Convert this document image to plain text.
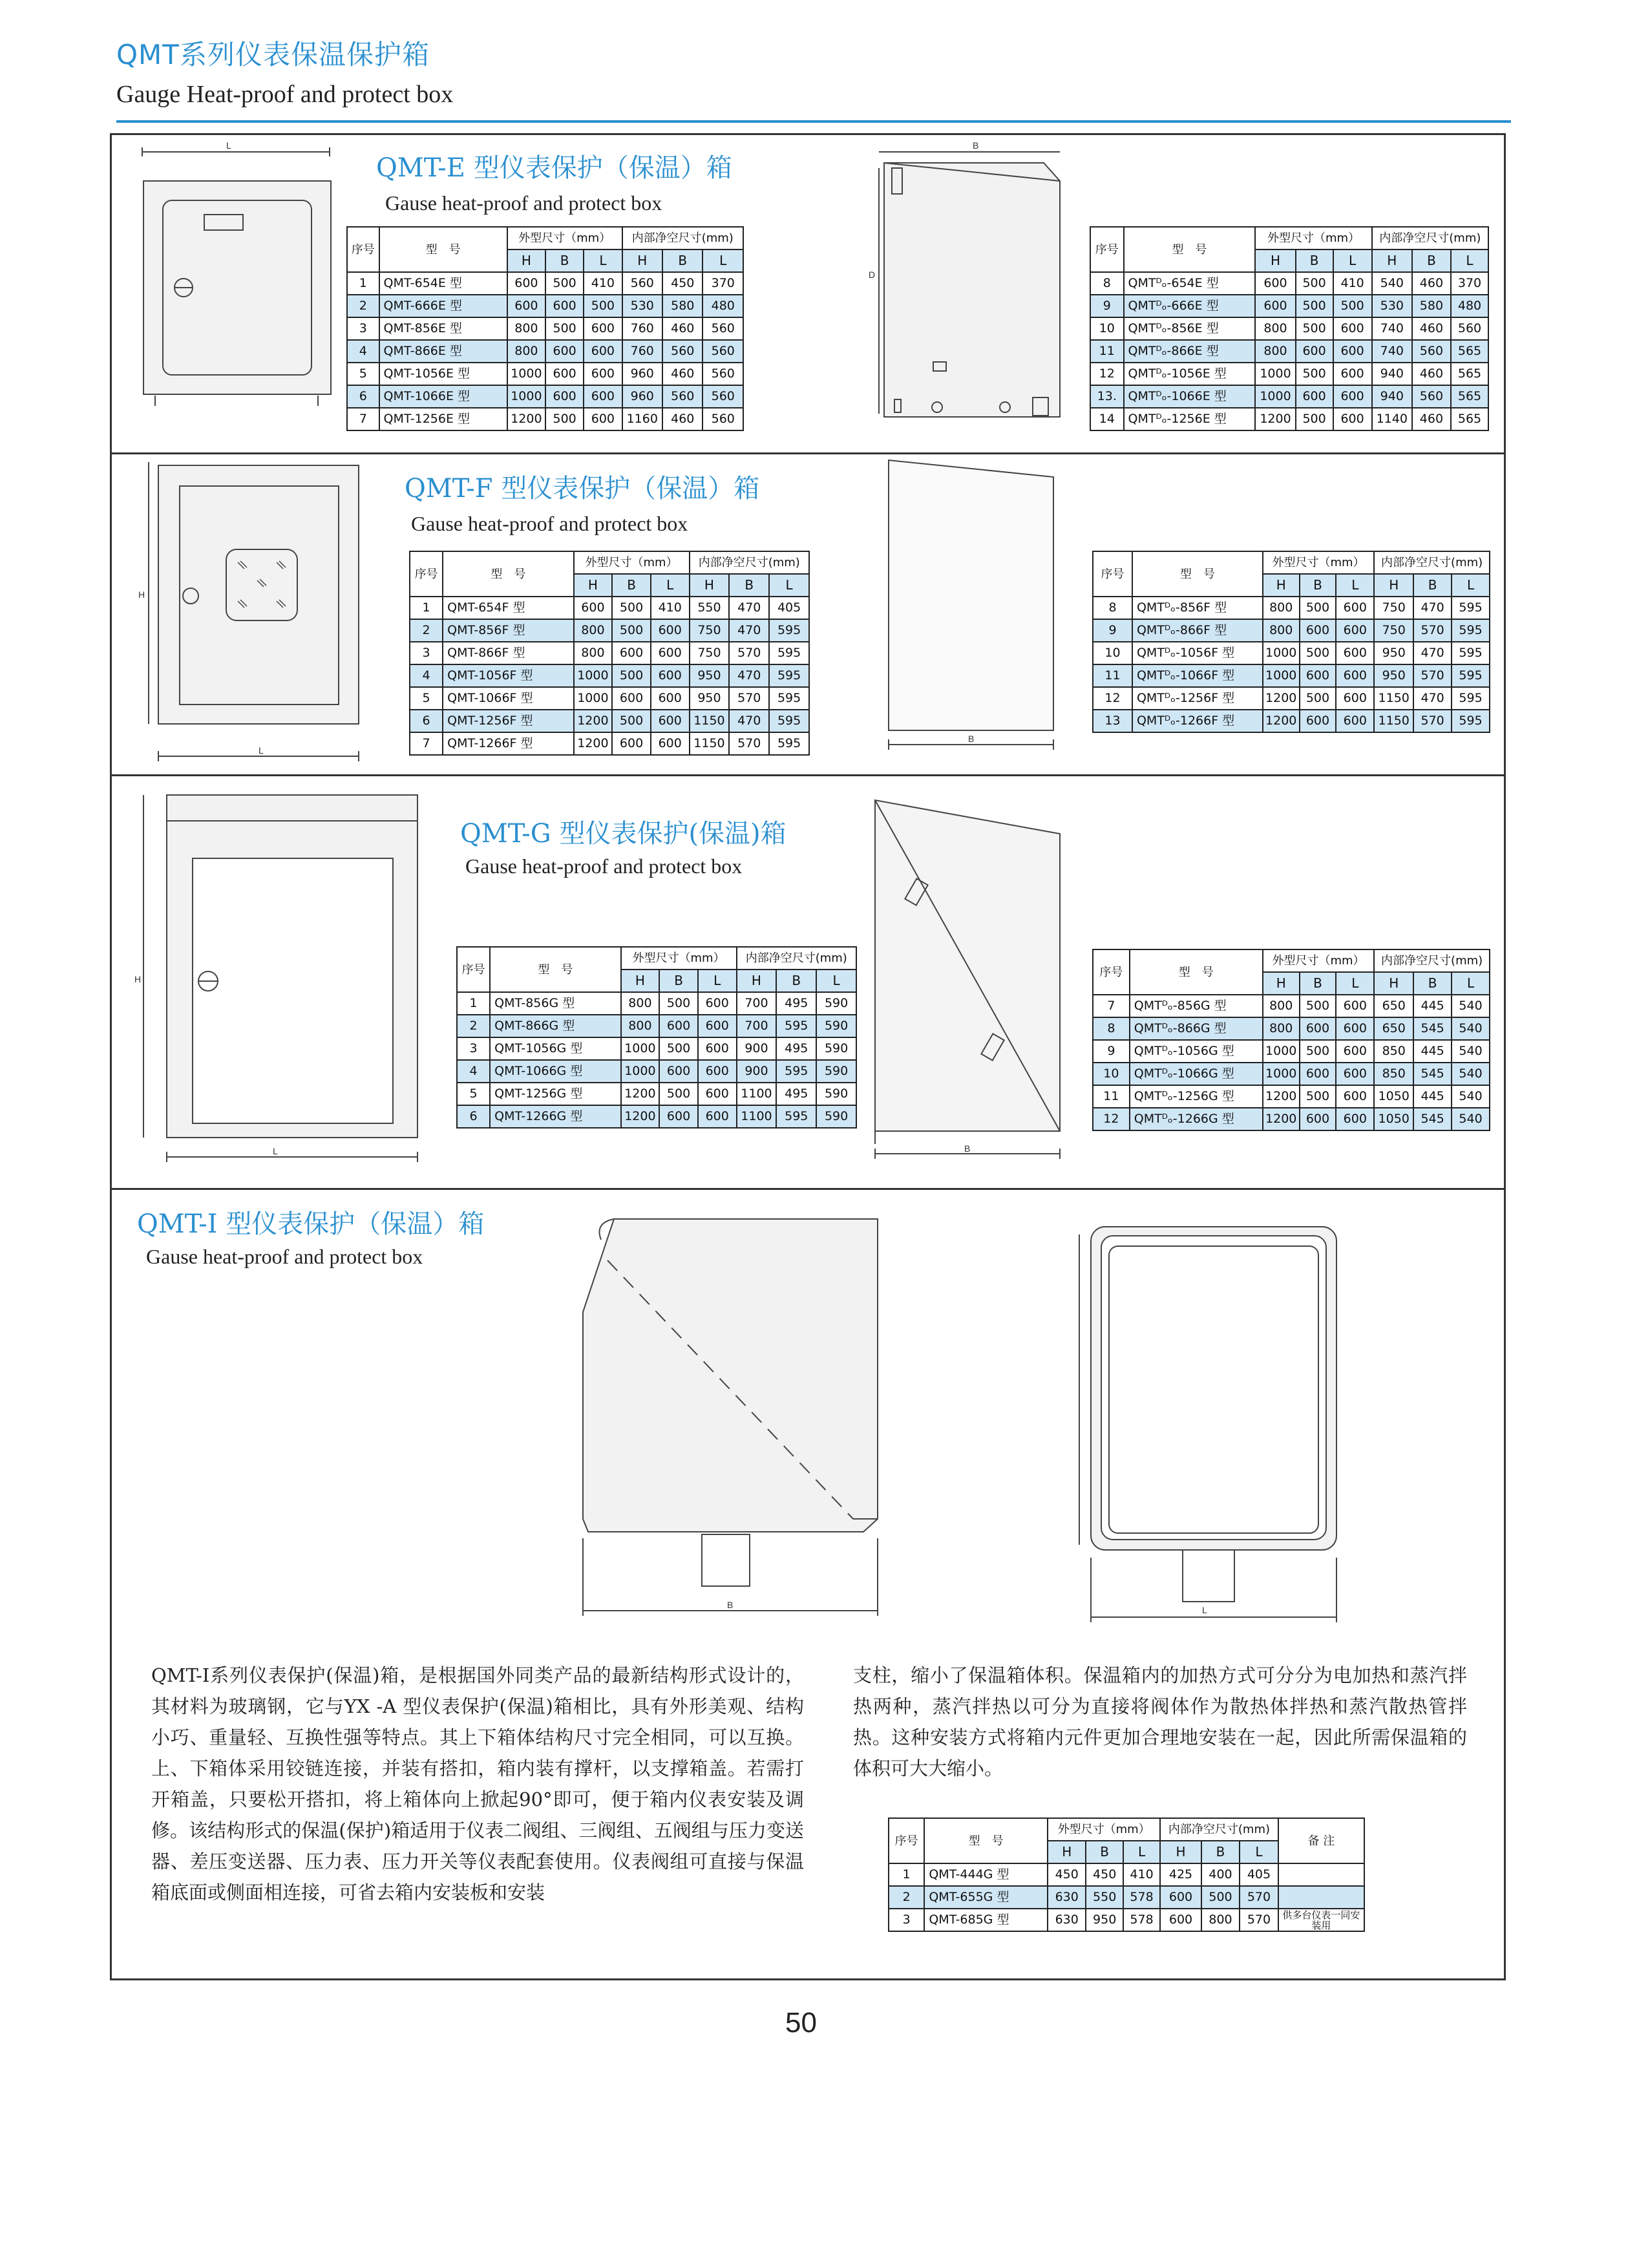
QMT系列仪表保温保护箱
Gauge Heat-proof and protect box
QMT-E 型仪表保护（保温）箱
Gause heat-proof and protect box
L	B
D
序号	型　号	外型尺寸（mm）			内部净空尺寸(mm)		
		H	B	L	H	B	L
1	QMT-654E 型	600	500	410	560	450	370
2	QMT-666E 型	600	600	500	530	580	480
3	QMT-856E 型	800	500	600	760	460	560
4	QMT-866E 型	800	600	600	760	560	560
5	QMT-1056E 型	1000	600	600	960	460	560
6	QMT-1066E 型	1000	600	600	960	560	560
7	QMT-1256E 型	1200	500	600	1160	460	560
序号	型　号	外型尺寸（mm）			内部净空尺寸(mm)		
		H	B	L	H	B	L
8	QMTᴰₒ-654E 型	600	500	410	540	460	370
9	QMTᴰₒ-666E 型	600	500	500	530	580	480
10	QMTᴰₒ-856E 型	800	500	600	740	460	560
11	QMTᴰₒ-866E 型	800	600	600	740	560	565
12	QMTᴰₒ-1056E 型	1000	500	600	940	460	565
13.	QMTᴰₒ-1066E 型	1000	600	600	940	560	565
14	QMTᴰₒ-1256E 型	1200	500	600	1140	460	565
QMT-F 型仪表保护（保温）箱
Gause heat-proof and protect box
H
L
B
序号	型　号	外型尺寸（mm）			内部净空尺寸(mm)		
		H	B	L	H	B	L
1	QMT-654F 型	600	500	410	550	470	405
2	QMT-856F 型	800	500	600	750	470	595
3	QMT-866F 型	800	600	600	750	570	595
4	QMT-1056F 型	1000	500	600	950	470	595
5	QMT-1066F 型	1000	600	600	950	570	595
6	QMT-1256F 型	1200	500	600	1150	470	595
7	QMT-1266F 型	1200	600	600	1150	570	595
序号	型　号	外型尺寸（mm）			内部净空尺寸(mm)		
		H	B	L	H	B	L
8	QMTᴰₒ-856F 型	800	500	600	750	470	595
9	QMTᴰₒ-866F 型	800	600	600	750	570	595
10	QMTᴰₒ-1056F 型	1000	500	600	950	470	595
11	QMTᴰₒ-1066F 型	1000	600	600	950	570	595
12	QMTᴰₒ-1256F 型	1200	500	600	1150	470	595
13	QMTᴰₒ-1266F 型	1200	600	600	1150	570	595
QMT-G 型仪表保护(保温)箱
Gause heat-proof and protect box
H
L	B
序号	型　号	外型尺寸（mm）			内部净空尺寸(mm)		
		H	B	L	H	B	L
1	QMT-856G 型	800	500	600	700	495	590
2	QMT-866G 型	800	600	600	700	595	590
3	QMT-1056G 型	1000	500	600	900	495	590
4	QMT-1066G 型	1000	600	600	900	595	590
5	QMT-1256G 型	1200	500	600	1100	495	590
6	QMT-1266G 型	1200	600	600	1100	595	590
序号	型　号	外型尺寸（mm）			内部净空尺寸(mm)		
		H	B	L	H	B	L
7	QMTᴰₒ-856G 型	800	500	600	650	445	540
8	QMTᴰₒ-866G 型	800	600	600	650	545	540
9	QMTᴰₒ-1056G 型	1000	500	600	850	445	540
10	QMTᴰₒ-1066G 型	1000	600	600	850	545	540
11	QMTᴰₒ-1256G 型	1200	500	600	1050	445	540
12	QMTᴰₒ-1266G 型	1200	600	600	1050	545	540
QMT-I 型仪表保护（保温）箱
Gause heat-proof and protect box
B	L
QMT-I系列仪表保护(保温)箱，是根据国外同类产品的最新结构形式设计的，其材料为玻璃钢，它与YX -A 型仪表保护(保温)箱相比，具有外形美观、结构小巧、重量轻、互换性强等特点。其上下箱体结构尺寸完全相同，可以互换。上、下箱体采用铰链连接，并装有搭扣，箱内装有撑杆，以支撑箱盖。若需打开箱盖，只要松开搭扣，将上箱体向上掀起90°即可，便于箱内仪表安装及调修。该结构形式的保温(保护)箱适用于仪表二阀组、三阀组、五阀组与压力变送器、差压变送器、压力表、压力开关等仪表配套使用。仪表阀组可直接与保温箱底面或侧面相连接，可省去箱内安装板和安装
支柱，缩小了保温箱体积。保温箱内的加热方式可分分为电加热和蒸汽拌热两种，蒸汽拌热以可分为直接将阀体作为散热体拌热和蒸汽散热管拌热。这种安装方式将箱内元件更加合理地安装在一起，因此所需保温箱的体积可大大缩小。
序号	型　号	外型尺寸（mm）			内部净空尺寸(mm)			备 注
		H	B	L	H	B	L	
1	QMT-444G 型	450	450	410	425	400	405	
2	QMT-655G 型	630	550	578	600	500	570	
3	QMT-685G 型	630	950	578	600	800	570	供多台仪表一同安装用
50
